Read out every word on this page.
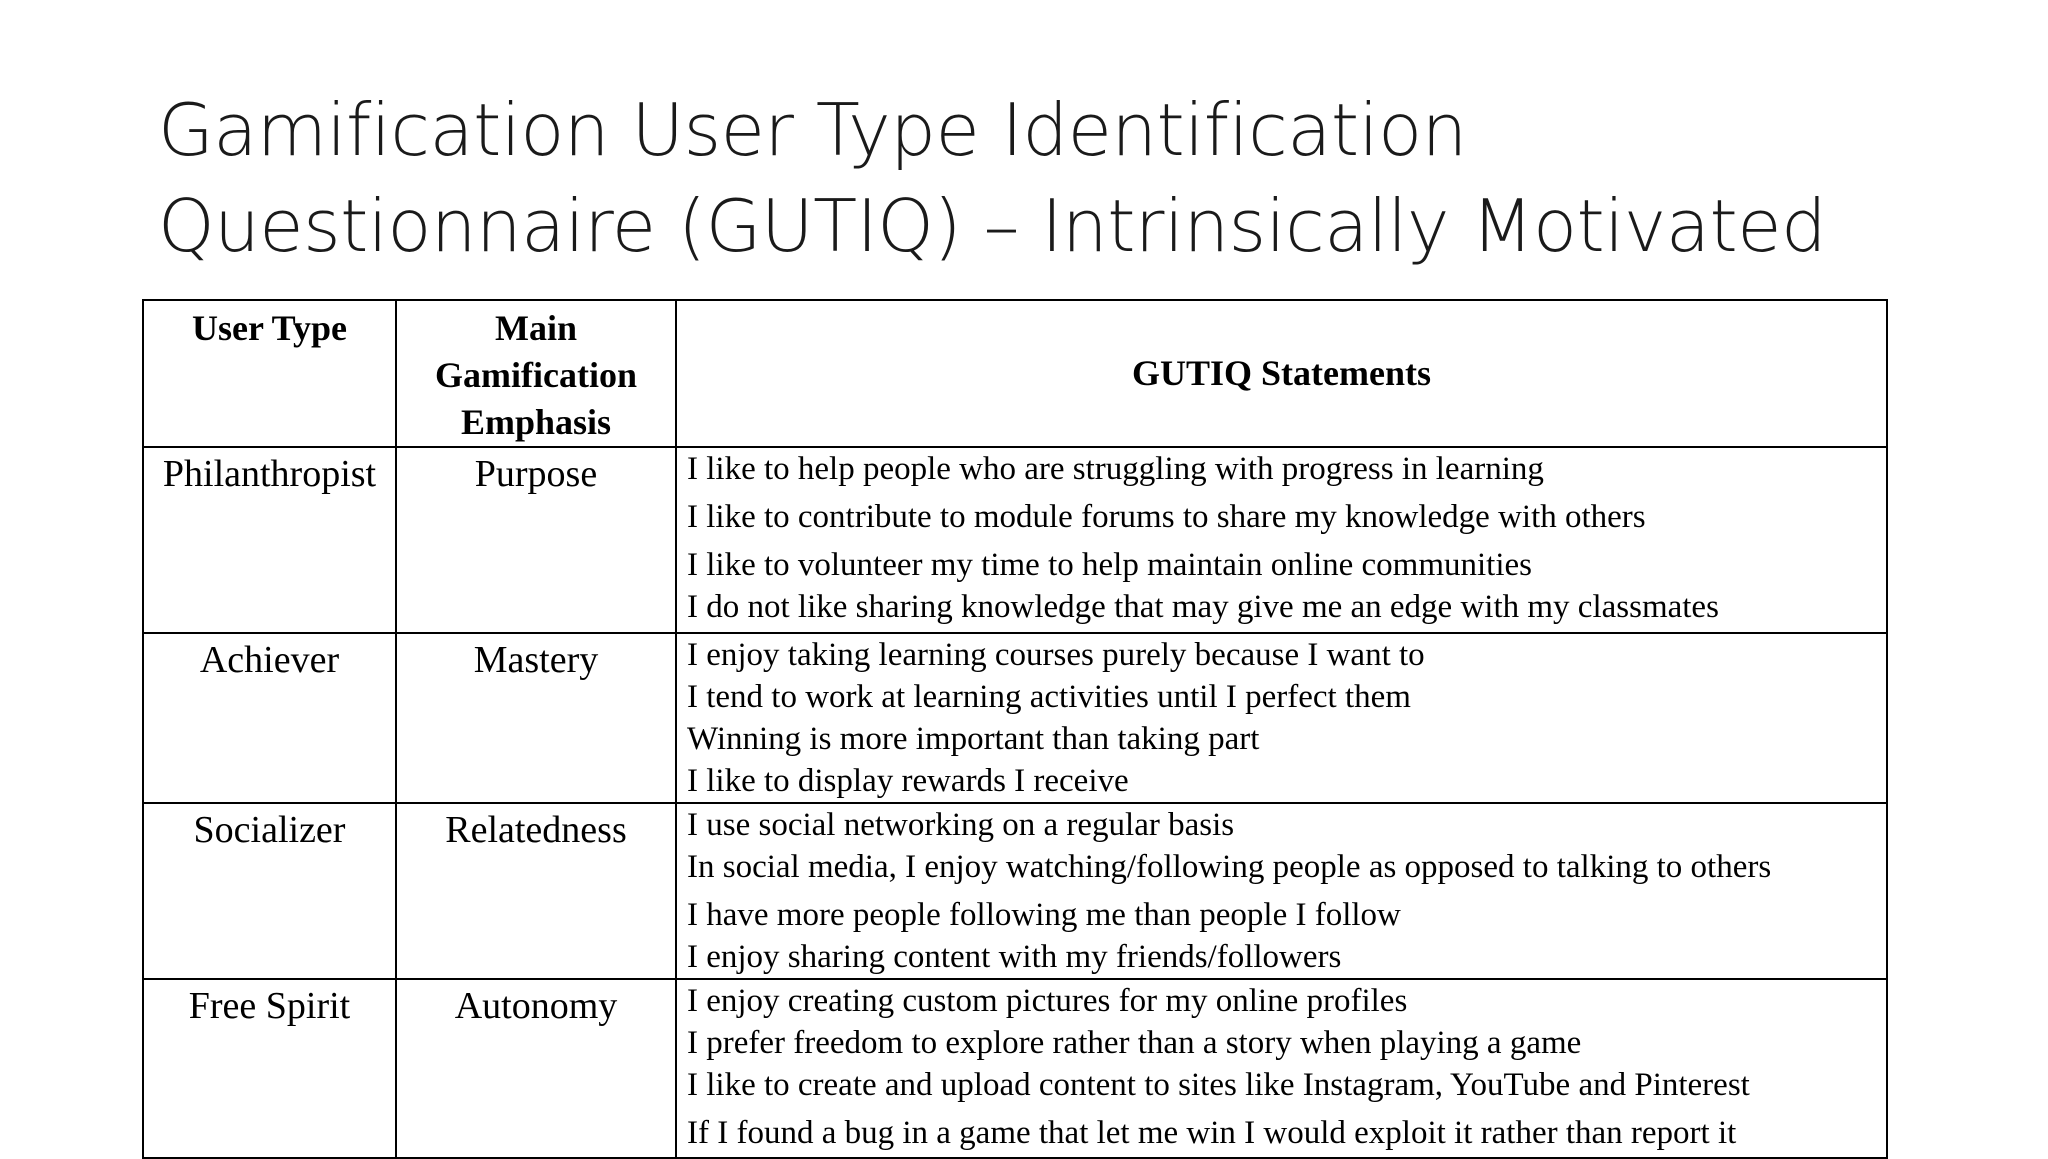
Gamification User Type Identification
Questionnaire (GUTIQ) – Intrinsically Motivated
User Type	Main
Gamification
Emphasis	GUTIQ Statements
Philanthropist	Purpose	I like to help people who are struggling with progress in learning
I like to contribute to module forums to share my knowledge with others
I like to volunteer my time to help maintain online communities
I do not like sharing knowledge that may give me an edge with my classmates

Achiever	Mastery	I enjoy taking learning courses purely because I want to
I tend to work at learning activities until I perfect them
Winning is more important than taking part
I like to display rewards I receive

Socializer	Relatedness	I use social networking on a regular basis
In social media, I enjoy watching/following people as opposed to talking to others
I have more people following me than people I follow
I enjoy sharing content with my friends/followers

Free Spirit	Autonomy	I enjoy creating custom pictures for my online profiles
I prefer freedom to explore rather than a story when playing a game
I like to create and upload content to sites like Instagram, YouTube and Pinterest
If I found a bug in a game that let me win I would exploit it rather than report it
